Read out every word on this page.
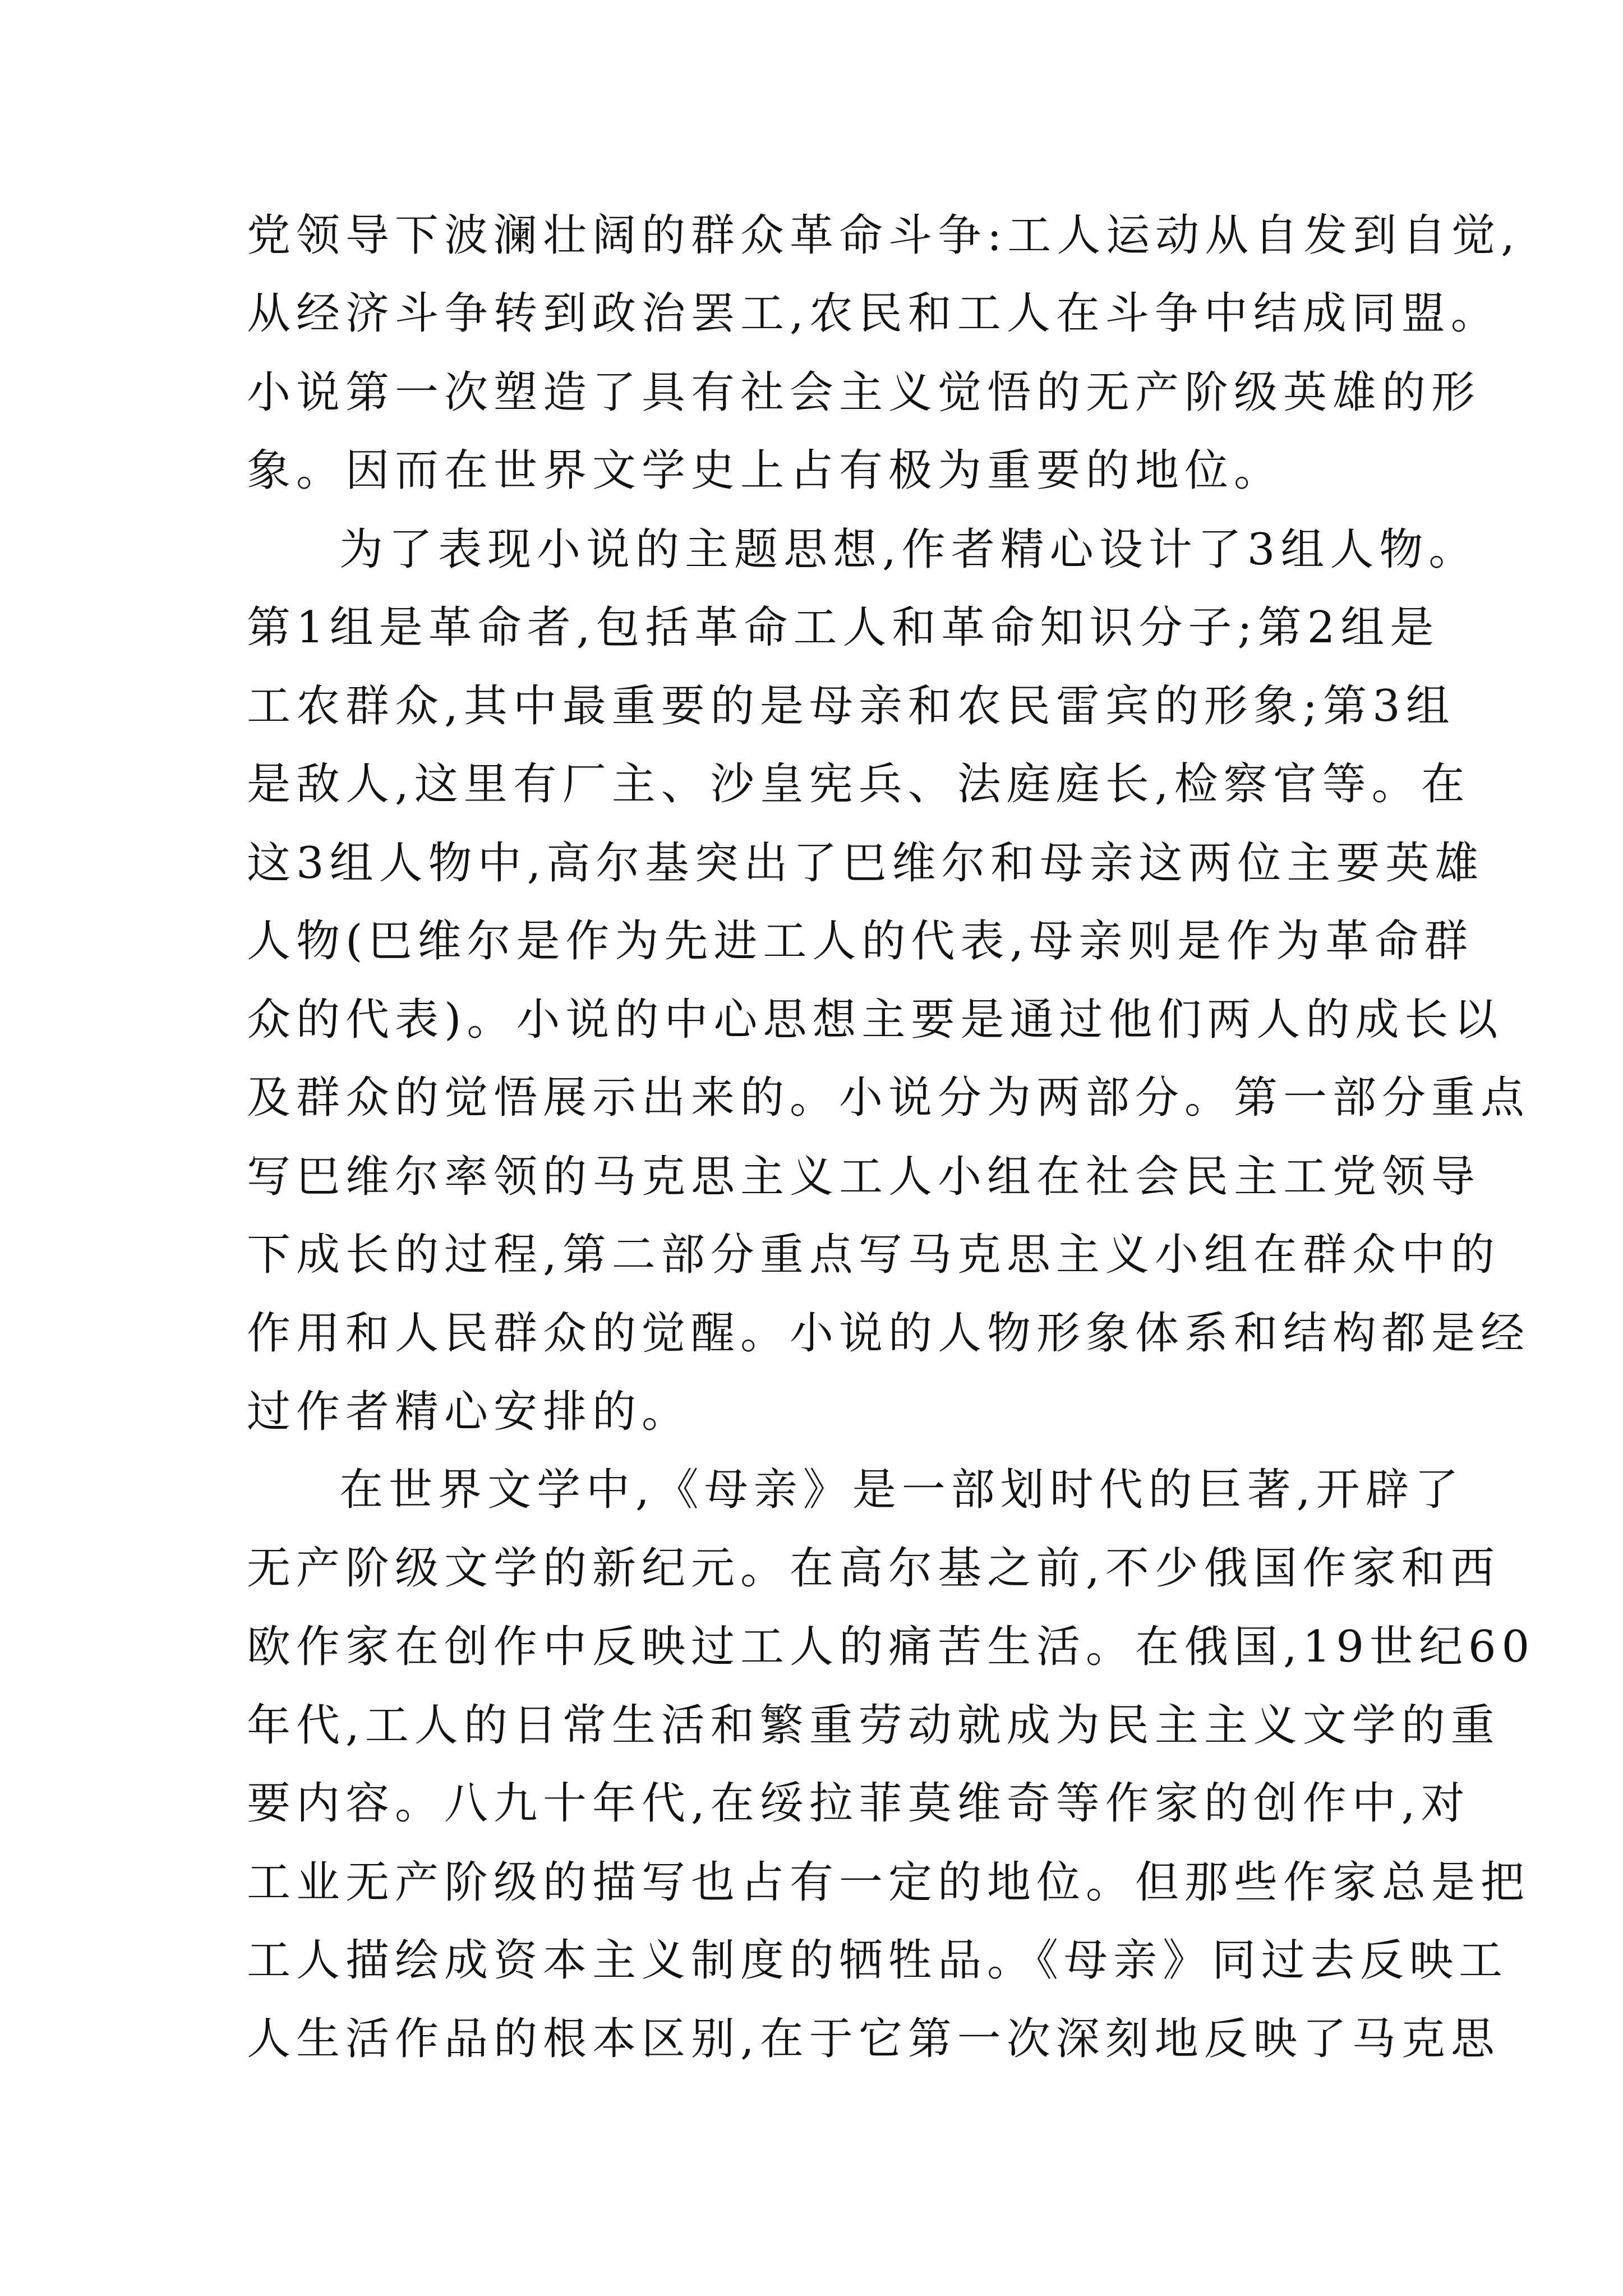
党领导下波澜壮阔的群众革命斗争:工人运动从自发到自觉,
从经济斗争转到政治罢工,农民和工人在斗争中结成同盟。
小说第一次塑造了具有社会主义觉悟的无产阶级英雄的形
象。因而在世界文学史上占有极为重要的地位。
为了表现小说的主题思想,作者精心设计了3组人物。
第1组是革命者,包括革命工人和革命知识分子;第2组是
工农群众,其中最重要的是母亲和农民雷宾的形象;第3组
是敌人,这里有厂主、沙皇宪兵、法庭庭长,检察官等。在
这3组人物中,高尔基突出了巴维尔和母亲这两位主要英雄
人物(巴维尔是作为先进工人的代表,母亲则是作为革命群
众的代表)。小说的中心思想主要是通过他们两人的成长以
及群众的觉悟展示出来的。小说分为两部分。第一部分重点
写巴维尔率领的马克思主义工人小组在社会民主工党领导
下成长的过程,第二部分重点写马克思主义小组在群众中的
作用和人民群众的觉醒。小说的人物形象体系和结构都是经
过作者精心安排的。
在世界文学中,《母亲》是一部划时代的巨著,开辟了
无产阶级文学的新纪元。在高尔基之前,不少俄国作家和西
欧作家在创作中反映过工人的痛苦生活。在俄国,19世纪60
年代,工人的日常生活和繁重劳动就成为民主主义文学的重
要内容。八九十年代,在绥拉菲莫维奇等作家的创作中,对
工业无产阶级的描写也占有一定的地位。但那些作家总是把
工人描绘成资本主义制度的牺牲品。《母亲》同过去反映工
人生活作品的根本区别,在于它第一次深刻地反映了马克思
